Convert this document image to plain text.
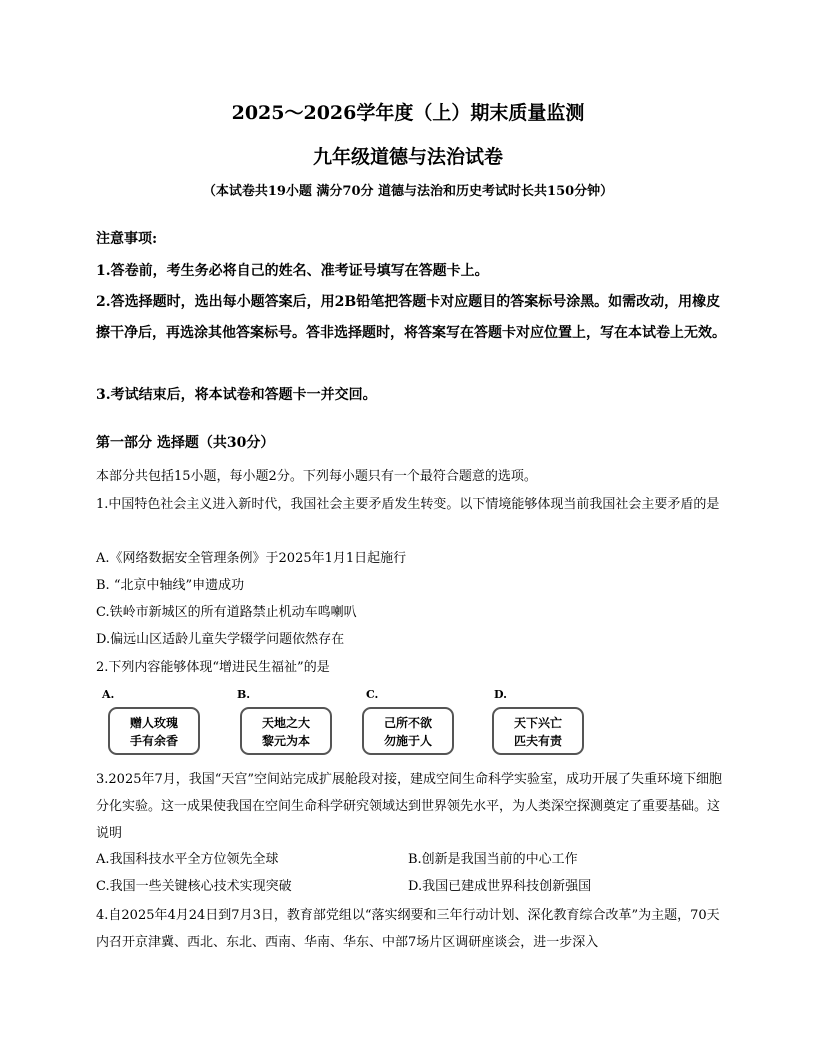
2025～2026学年度（上）期末质量监测
九年级道德与法治试卷
（本试卷共19小题 满分70分 道德与法治和历史考试时长共150分钟）
注意事项:
1.答卷前，考生务必将自己的姓名、准考证号填写在答题卡上。
2.答选择题时，选出每小题答案后，用2B铅笔把答题卡对应题目的答案标号涂黑。如需改动，用橡皮擦干净后，再选涂其他答案标号。答非选择题时，将答案写在答题卡对应位置上，写在本试卷上无效。
3.考试结束后，将本试卷和答题卡一并交回。
第一部分 选择题（共30分）
本部分共包括15小题，每小题2分。下列每小题只有一个最符合题意的选项。
1.中国特色社会主义进入新时代，我国社会主要矛盾发生转变。以下情境能够体现当前我国社会主要矛盾的是
A.《网络数据安全管理条例》于2025年1月1日起施行
B. “北京中轴线”申遗成功
C.铁岭市新城区的所有道路禁止机动车鸣喇叭
D.偏远山区适龄儿童失学辍学问题依然存在
2.下列内容能够体现“增进民生福祉”的是
A.
赠人玫瑰
手有余香
B.
天地之大
黎元为本
C.
己所不欲
勿施于人
D.
天下兴亡
匹夫有责
3.2025年7月，我国“天宫”空间站完成扩展舱段对接，建成空间生命科学实验室，成功开展了失重环境下细胞分化实验。这一成果使我国在空间生命科学研究领域达到世界领先水平，为人类深空探测奠定了重要基础。这说明
A.我国科技水平全方位领先全球	B.创新是我国当前的中心工作
C.我国一些关键核心技术实现突破	D.我国已建成世界科技创新强国
4.自2025年4月24日到7月3日，教育部党组以“落实纲要和三年行动计划、深化教育综合改革”为主题，70天内召开京津冀、西北、东北、西南、华南、华东、中部7场片区调研座谈会，进一步深入
